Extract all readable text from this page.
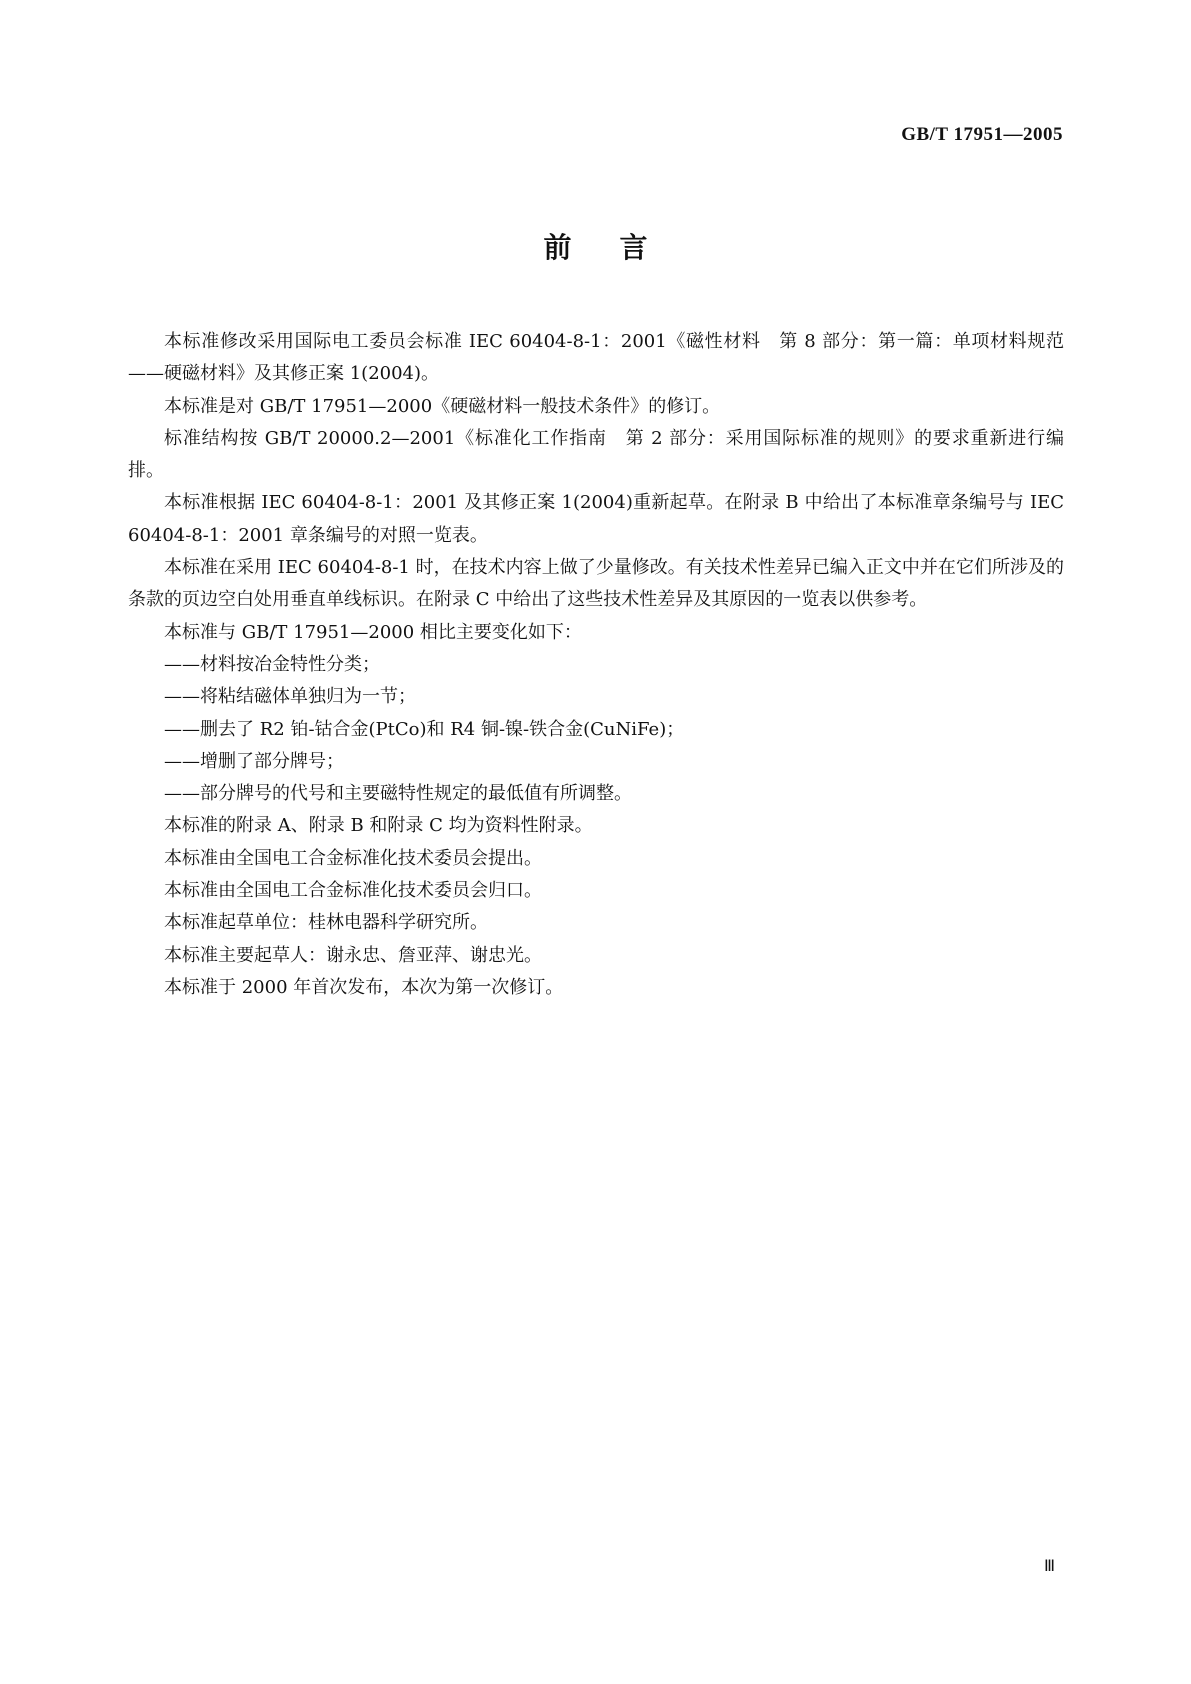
GB/T 17951—2005
前言

本标准修改采用国际电工委员会标准 IEC 60404-8-1：2001《磁性材料　第 8 部分：第一篇：单项材料规范——硬磁材料》及其修正案 1(2004)。

本标准是对 GB/T 17951—2000《硬磁材料一般技术条件》的修订。

标准结构按 GB/T 20000.2—2001《标准化工作指南　第 2 部分：采用国际标准的规则》的要求重新进行编排。

本标准根据 IEC 60404-8-1：2001 及其修正案 1(2004)重新起草。在附录 B 中给出了本标准章条编号与 IEC 60404-8-1：2001 章条编号的对照一览表。

本标准在采用 IEC 60404-8-1 时，在技术内容上做了少量修改。有关技术性差异已编入正文中并在它们所涉及的条款的页边空白处用垂直单线标识。在附录 C 中给出了这些技术性差异及其原因的一览表以供参考。

本标准与 GB/T 17951—2000 相比主要变化如下：

——材料按冶金特性分类；

——将粘结磁体单独归为一节；

——删去了 R2 铂-钴合金(PtCo)和 R4 铜-镍-铁合金(CuNiFe)；

——增删了部分牌号；

——部分牌号的代号和主要磁特性规定的最低值有所调整。

本标准的附录 A、附录 B 和附录 C 均为资料性附录。

本标准由全国电工合金标准化技术委员会提出。

本标准由全国电工合金标准化技术委员会归口。

本标准起草单位：桂林电器科学研究所。

本标准主要起草人：谢永忠、詹亚萍、谢忠光。

本标准于 2000 年首次发布，本次为第一次修订。

Ⅲ
